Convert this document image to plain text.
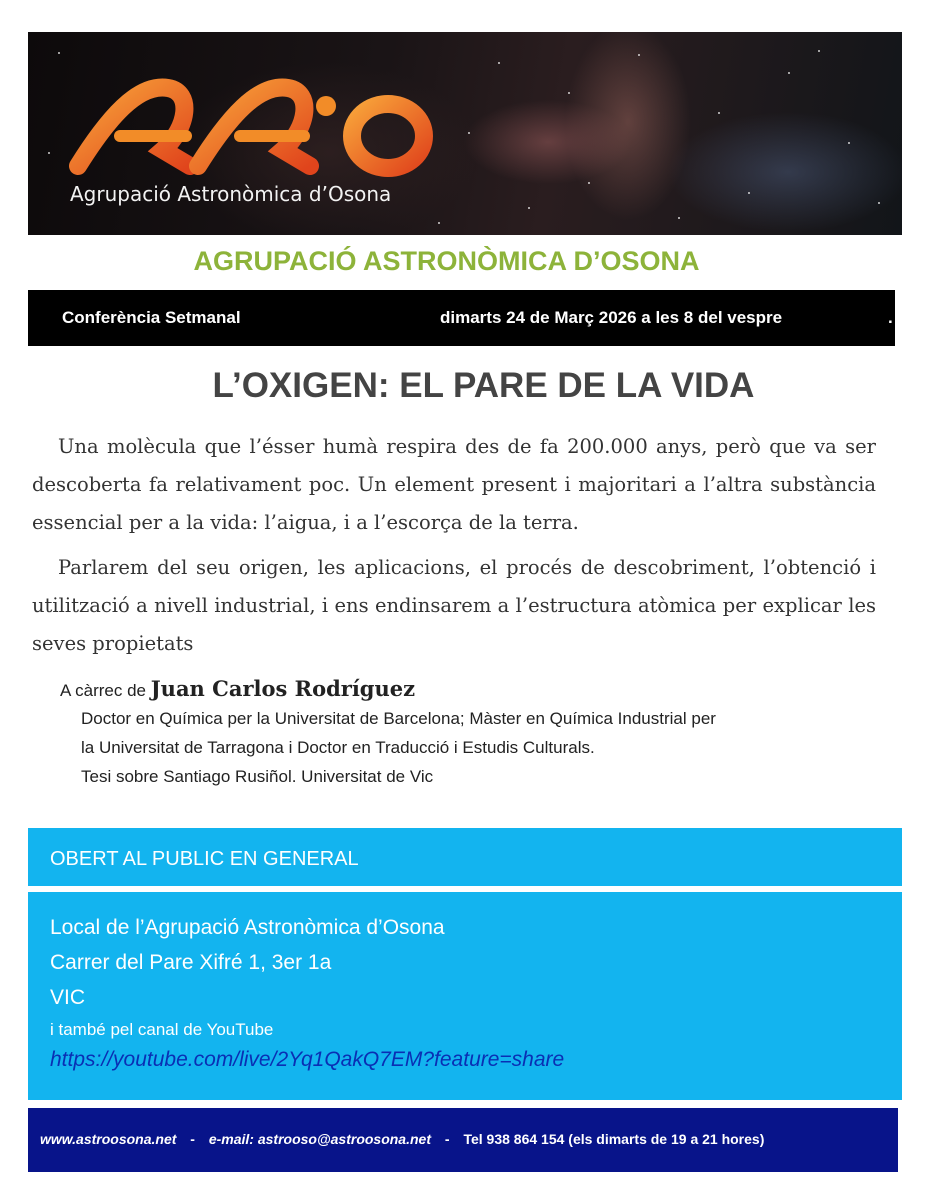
Agrupació Astronòmica d’Osona
AGRUPACIÓ ASTRONÒMICA D’OSONA
Conferència Setmanal	dimarts 24 de Març 2026 a les 8 del vespre	.
L’OXIGEN: EL PARE DE LA VIDA

Una molècula que l’ésser humà respira des de fa 200.000 anys, però que va ser descoberta fa relativament poc. Un element present i majoritari a l’altra substància essencial per a la vida: l’aigua, i a l’escorça de la terra.

Parlarem del seu origen, les aplicacions, el procés de descobriment, l’obtenció i utilització a nivell industrial, i ens endinsarem a l’estructura atòmica per explicar les seves propietats

A càrrec de Juan Carlos Rodríguez
Doctor en Química per la Universitat de Barcelona; Màster en Química Industrial per
la Universitat de Tarragona i Doctor en Traducció i Estudis Culturals.
Tesi sobre Santiago Rusiñol. Universitat de Vic
OBERT AL PUBLIC EN GENERAL
Local de l’Agrupació Astronòmica d’Osona
Carrer del Pare Xifré 1, 3er 1a
VIC
i també pel canal de YouTube
https://youtube.com/live/2Yq1QakQ7EM?feature=share
www.astroosona.net - e-mail: astrooso@astroosona.net - Tel 938 864 154 (els dimarts de 19 a 21 hores)
